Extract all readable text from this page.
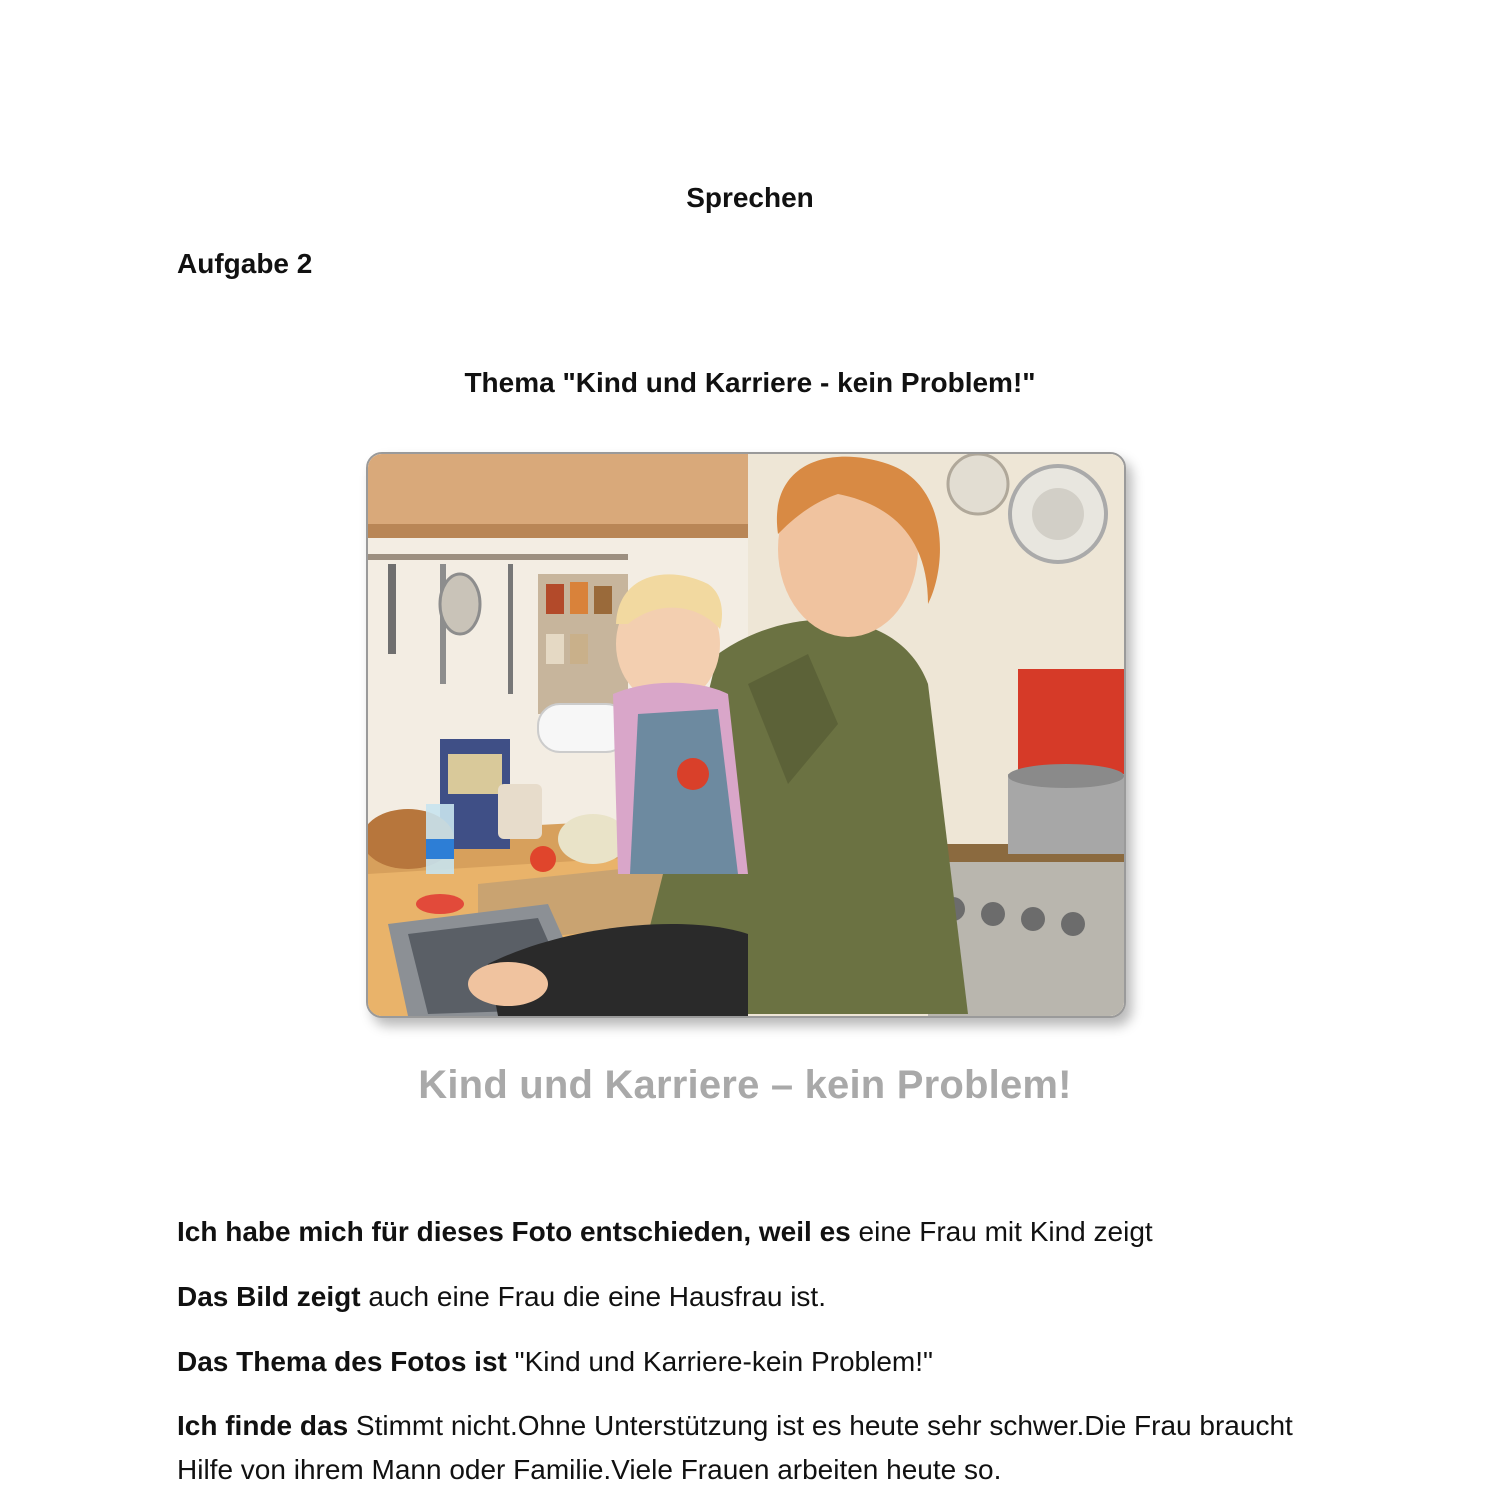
Sprechen
Aufgabe 2
Thema "Kind und Karriere - kein Problem!"
Kind und Karriere – kein Problem!
Ich habe mich für dieses Foto entschieden, weil es eine Frau mit Kind zeigt
Das Bild zeigt auch eine Frau die eine Hausfrau ist.
Das Thema des Fotos ist "Kind und Karriere-kein Problem!"
Ich finde das Stimmt nicht.Ohne Unterstützung ist es heute sehr schwer.Die Frau braucht Hilfe von ihrem Mann oder Familie.Viele Frauen arbeiten heute so.
